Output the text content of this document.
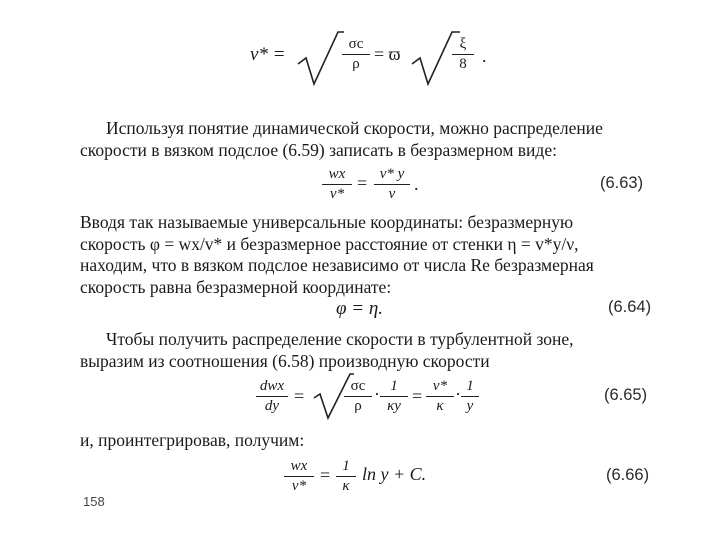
v* =	$\frac{\sigma c}{\rho} = ϖ$	$\frac{\xi}{8}$ .
Используя понятие динамической скорости, можно распределение
скорости в вязком подслое (6.59) записать в безразмерном виде:
$\frac{wx}{v*} = \frac{v* y}{\nu}$ .	(6.63)
Вводя так называемые универсальные координаты: безразмерную
скорость φ = wx/v* и безразмерное расстояние от стенки η = v*y/ν,
находим, что в вязком подслое независимо от числа Re безразмерная
скорость равна безразмерной координате:
φ = η.	(6.64)
Чтобы получить распределение скорости в турбулентной зоне,
выразим из соотношения (6.58) производную скорости
dwx
dy =	$\frac{\sigma c}{\rho} \cdot \frac{1}{\kappa y} = \frac{v*}{\kappa} \cdot \frac{1}{y}$	(6.65)
и, проинтегрировав, получим:
$\frac{wx}{v*} = \frac{1}{\kappa}$ ln y + C.	(6.66)
158
